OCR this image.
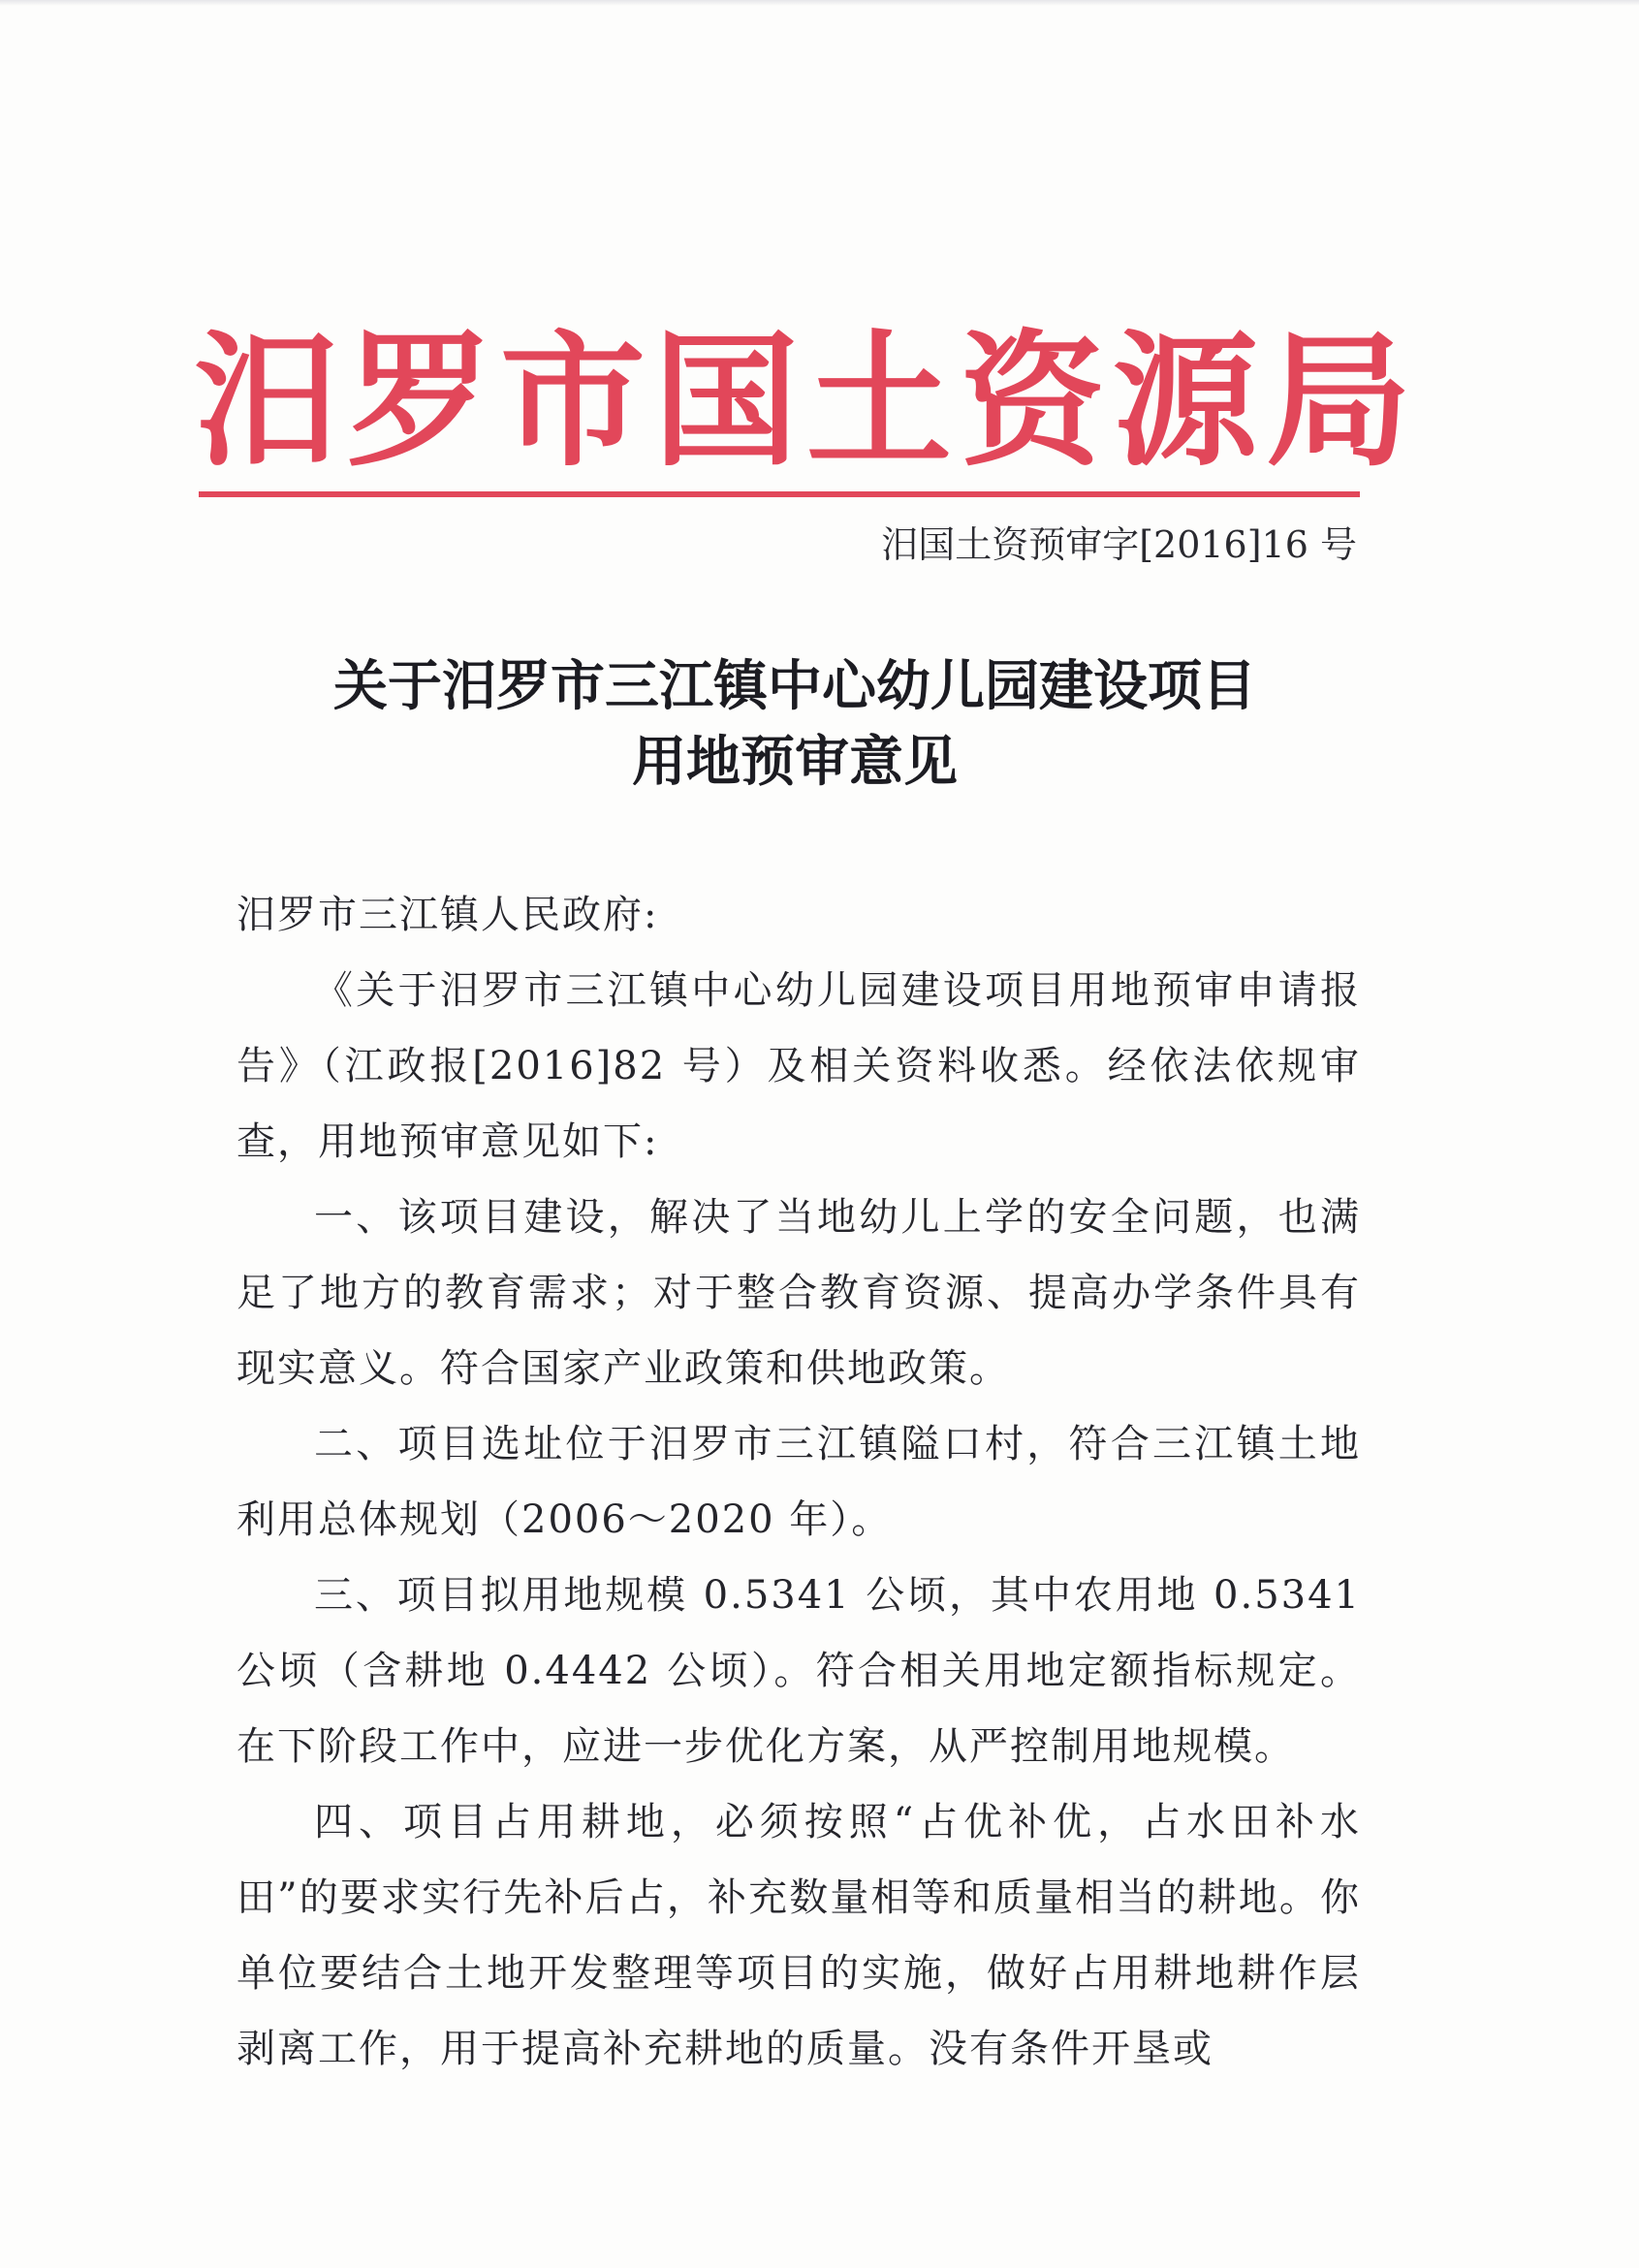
汨罗市国土资源局
汨国土资预审字[2016]16 号
关于汨罗市三江镇中心幼儿园建设项目
用地预审意见

汨罗市三江镇人民政府:

《关于汨罗市三江镇中心幼儿园建设项目用地预审申请报告》（江政报[2016]82 号）及相关资料收悉。经依法依规审查，用地预审意见如下:

一、该项目建设，解决了当地幼儿上学的安全问题，也满足了地方的教育需求；对于整合教育资源、提高办学条件具有现实意义。符合国家产业政策和供地政策。

二、项目选址位于汨罗市三江镇隘口村，符合三江镇土地利用总体规划（2006～2020 年）。

三、项目拟用地规模 0.5341 公顷，其中农用地 0.5341 公顷（含耕地 0.4442 公顷）。符合相关用地定额指标规定。在下阶段工作中，应进一步优化方案，从严控制用地规模。

四、项目占用耕地，必须按照“占优补优，占水田补水田”的要求实行先补后占，补充数量相等和质量相当的耕地。你单位要结合土地开发整理等项目的实施，做好占用耕地耕作层剥离工作，用于提高补充耕地的质量。没有条件开垦或
